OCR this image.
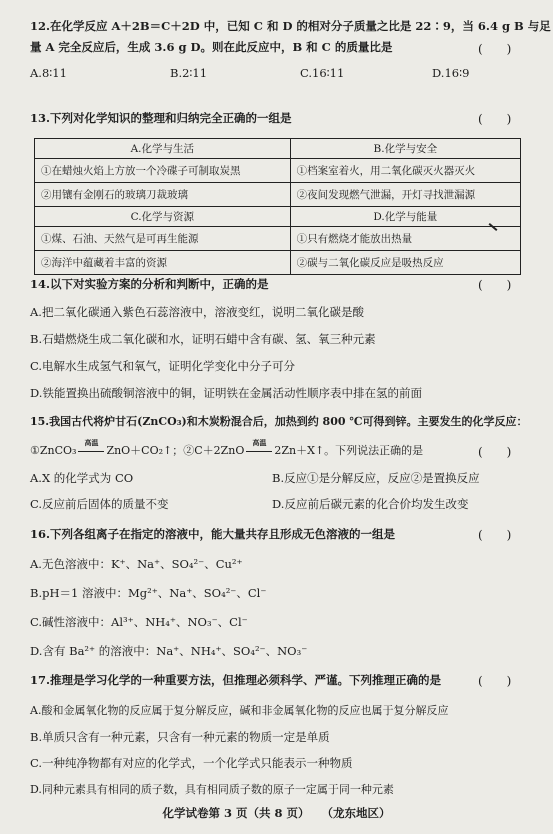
12.在化学反应 A＋2B＝C＋2D 中，已知 C 和 D 的相对分子质量之比是 22∶9，当 6.4 g B 与足
量 A 完全反应后，生成 3.6 g D。则在此反应中，B 和 C 的质量比是	(　　)
A.8∶11	B.2∶11	C.16∶11	D.16∶9
13.下列对化学知识的整理和归纳完全正确的一组是	(　　)
A.化学与生活	B.化学与安全
①在蜡烛火焰上方放一个冷碟子可制取炭黑	①档案室着火，用二氧化碳灭火器灭火
②用镶有金刚石的玻璃刀裁玻璃	②夜间发现燃气泄漏，开灯寻找泄漏源
C.化学与资源	D.化学与能量
①煤、石油、天然气是可再生能源	①只有燃烧才能放出热量
②海洋中蕴藏着丰富的资源	②碳与二氧化碳反应是吸热反应
14.以下对实验方案的分析和判断中，正确的是	(　　)
A.把二氧化碳通入紫色石蕊溶液中，溶液变红，说明二氧化碳是酸
B.石蜡燃烧生成二氧化碳和水，证明石蜡中含有碳、氢、氧三种元素
C.电解水生成氢气和氧气，证明化学变化中分子可分
D.铁能置换出硫酸铜溶液中的铜，证明铁在金属活动性顺序表中排在氢的前面
15.我国古代将炉甘石(ZnCO₃)和木炭粉混合后，加热到约 800 ℃可得到锌。主要发生的化学反应：
①ZnCO₃
高温
ZnO＋CO₂↑；②C＋2ZnO
高温
2Zn＋X↑。下列说法正确的是	(　　)
A.X 的化学式为 CO	B.反应①是分解反应，反应②是置换反应
C.反应前后固体的质量不变	D.反应前后碳元素的化合价均发生改变
16.下列各组离子在指定的溶液中，能大量共存且形成无色溶液的一组是	(　　)
A.无色溶液中：K⁺、Na⁺、SO₄²⁻、Cu²⁺
B.pH＝1 溶液中：Mg²⁺、Na⁺、SO₄²⁻、Cl⁻
C.碱性溶液中：Al³⁺、NH₄⁺、NO₃⁻、Cl⁻
D.含有 Ba²⁺ 的溶液中：Na⁺、NH₄⁺、SO₄²⁻、NO₃⁻
17.推理是学习化学的一种重要方法，但推理必须科学、严谨。下列推理正确的是	(　　)
A.酸和金属氧化物的反应属于复分解反应，碱和非金属氧化物的反应也属于复分解反应
B.单质只含有一种元素，只含有一种元素的物质一定是单质
C.一种纯净物都有对应的化学式，一个化学式只能表示一种物质
D.同种元素具有相同的质子数，具有相同质子数的原子一定属于同一种元素
化学试卷第 3 页（共 8 页） （龙东地区）
